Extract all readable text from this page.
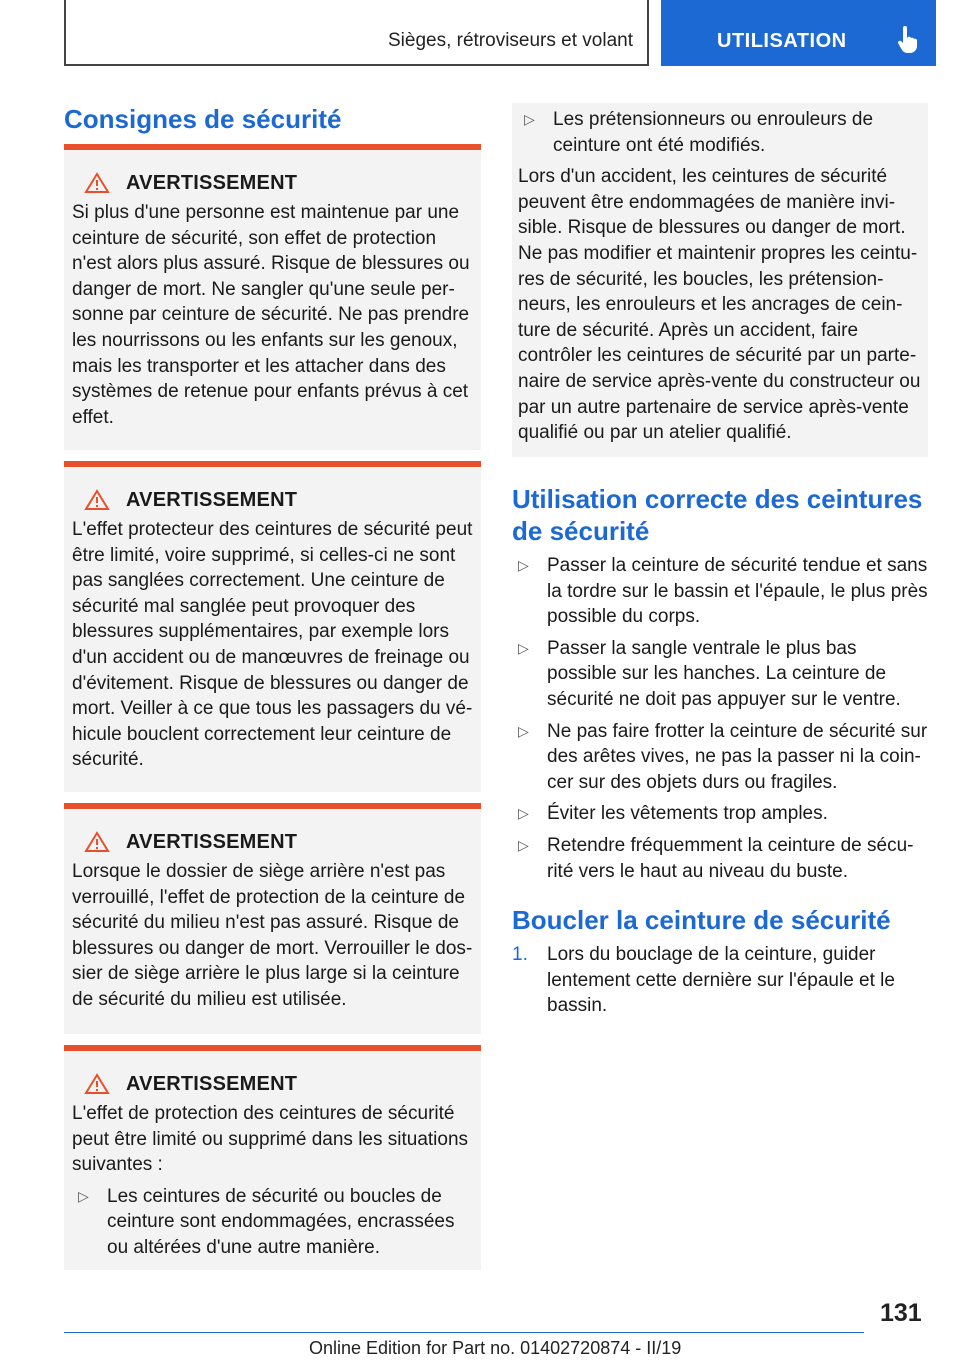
Sièges, rétroviseurs et volant	UTILISATION
Consignes de sécurité
AVERTISSEMENT

Si plus d'une personne est maintenue par une ceinture de sécurité, son effet de protection n'est alors plus assuré. Risque de blessures ou danger de mort. Ne sangler qu'une seule personne par ceinture de sécurité. Ne pas prendre les nourrissons ou les enfants sur les genoux, mais les transporter et les attacher dans des systèmes de retenue pour enfants prévus à cet effet.

AVERTISSEMENT

L'effet protecteur des ceintures de sécurité peut être limité, voire supprimé, si celles-ci ne sont pas sanglées correctement. Une ceinture de sécurité mal sanglée peut provoquer des blessures supplémentaires, par exemple lors d'un accident ou de manœuvres de freinage ou d'évitement. Risque de blessures ou danger de mort. Veiller à ce que tous les passagers du véhicule bouclent correctement leur ceinture de sécurité.

AVERTISSEMENT

Lorsque le dossier de siège arrière n'est pas verrouillé, l'effet de protection de la ceinture de sécurité du milieu n'est pas assuré. Risque de blessures ou danger de mort. Verrouiller le dossier de siège arrière le plus large si la ceinture de sécurité du milieu est utilisée.

AVERTISSEMENT

L'effet de protection des ceintures de sécurité peut être limité ou supprimé dans les situations suivantes :

▷ Les ceintures de sécurité ou boucles de ceinture sont endommagées, encrassées ou altérées d'une autre manière.
▷ Les prétensionneurs ou enrouleurs de ceinture ont été modifiés.

Lors d'un accident, les ceintures de sécurité peuvent être endommagées de manière invisible. Risque de blessures ou danger de mort. Ne pas modifier et maintenir propres les ceintures de sécurité, les boucles, les prétensionneurs, les enrouleurs et les ancrages de ceinture de sécurité. Après un accident, faire contrôler les ceintures de sécurité par un partenaire de service après-vente du constructeur ou par un autre partenaire de service après-vente qualifié ou par un atelier qualifié.

Utilisation correcte des ceintures de sécurité
▷ Passer la ceinture de sécurité tendue et sans la tordre sur le bassin et l'épaule, le plus près possible du corps.
▷ Passer la sangle ventrale le plus bas possible sur les hanches. La ceinture de sécurité ne doit pas appuyer sur le ventre.
▷ Ne pas faire frotter la ceinture de sécurité sur des arêtes vives, ne pas la passer ni la coincer sur des objets durs ou fragiles.
▷ Éviter les vêtements trop amples.
▷ Retendre fréquemment la ceinture de sécurité vers le haut au niveau du buste.
Boucler la ceinture de sécurité
1. Lors du bouclage de la ceinture, guider lentement cette dernière sur l'épaule et le bassin.
131
Online Edition for Part no. 01402720874 - II/19
